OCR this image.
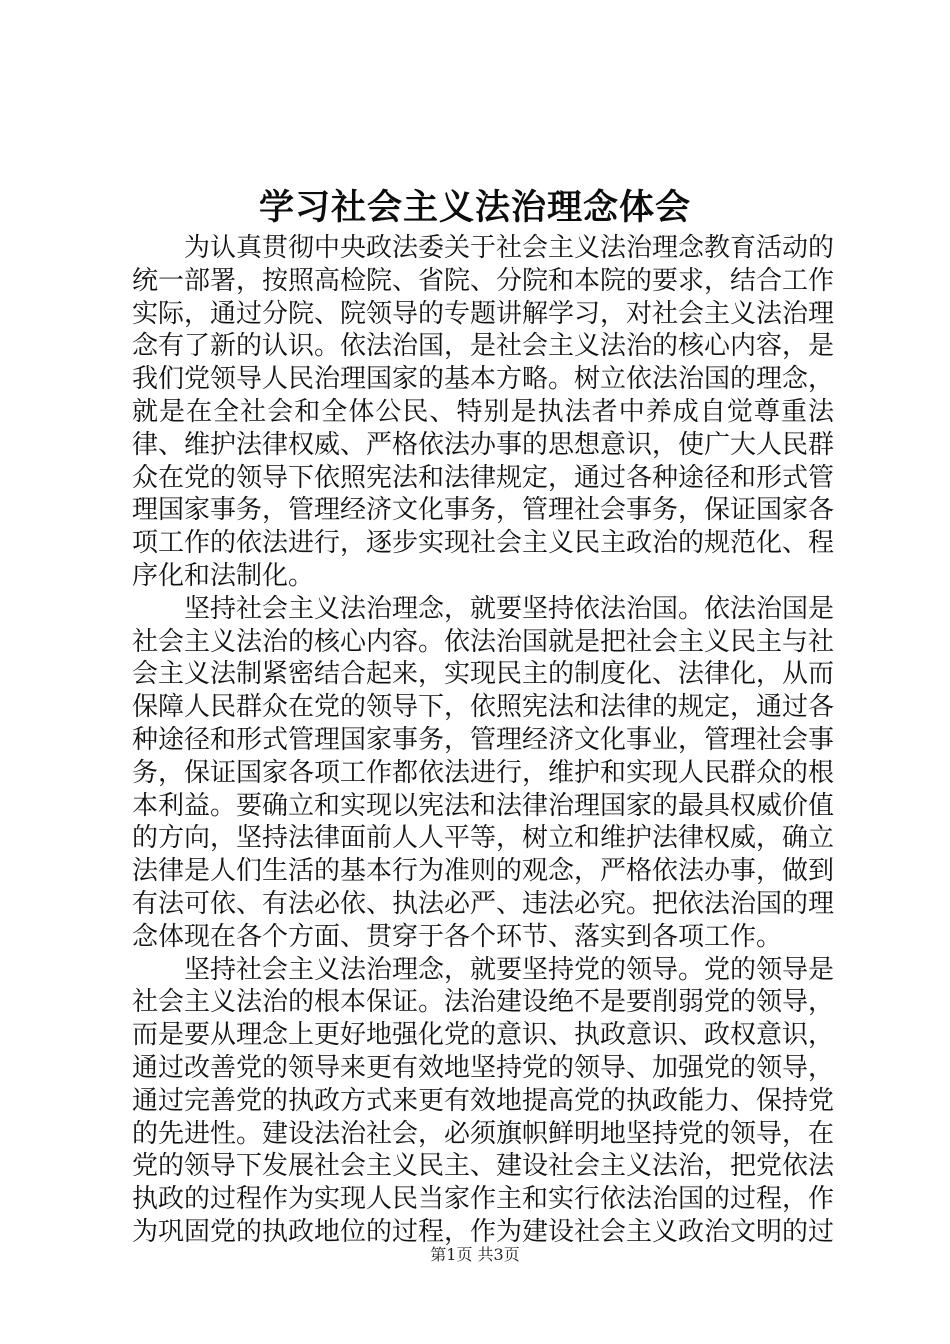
学习社会主义法治理念体会

为认真贯彻中央政法委关于社会主义法治理念教育活动的统一部署，按照高检院、省院、分院和本院的要求，结合工作实际，通过分院、院领导的专题讲解学习，对社会主义法治理念有了新的认识。依法治国，是社会主义法治的核心内容，是我们党领导人民治理国家的基本方略。树立依法治国的理念，就是在全社会和全体公民、特别是执法者中养成自觉尊重法律、维护法律权威、严格依法办事的思想意识，使广大人民群众在党的领导下依照宪法和法律规定，通过各种途径和形式管理国家事务，管理经济文化事务，管理社会事务，保证国家各项工作的依法进行，逐步实现社会主义民主政治的规范化、程序化和法制化。

坚持社会主义法治理念，就要坚持依法治国。依法治国是社会主义法治的核心内容。依法治国就是把社会主义民主与社会主义法制紧密结合起来，实现民主的制度化、法律化，从而保障人民群众在党的领导下，依照宪法和法律的规定，通过各种途径和形式管理国家事务，管理经济文化事业，管理社会事务，保证国家各项工作都依法进行，维护和实现人民群众的根本利益。要确立和实现以宪法和法律治理国家的最具权威价值的方向，坚持法律面前人人平等，树立和维护法律权威，确立法律是人们生活的基本行为准则的观念，严格依法办事，做到有法可依、有法必依、执法必严、违法必究。把依法治国的理念体现在各个方面、贯穿于各个环节、落实到各项工作。

坚持社会主义法治理念，就要坚持党的领导。党的领导是社会主义法治的根本保证。法治建设绝不是要削弱党的领导，而是要从理念上更好地强化党的意识、执政意识、政权意识，通过改善党的领导来更有效地坚持党的领导、加强党的领导，通过完善党的执政方式来更有效地提高党的执政能力、保持党的先进性。建设法治社会，必须旗帜鲜明地坚持党的领导，在党的领导下发展社会主义民主、建设社会主义法治，把党依法执政的过程作为实现人民当家作主和实行依法治国的过程，作为巩固党的执政地位的过程，作为建设社会主义政治文明的过

第1页 共3页
